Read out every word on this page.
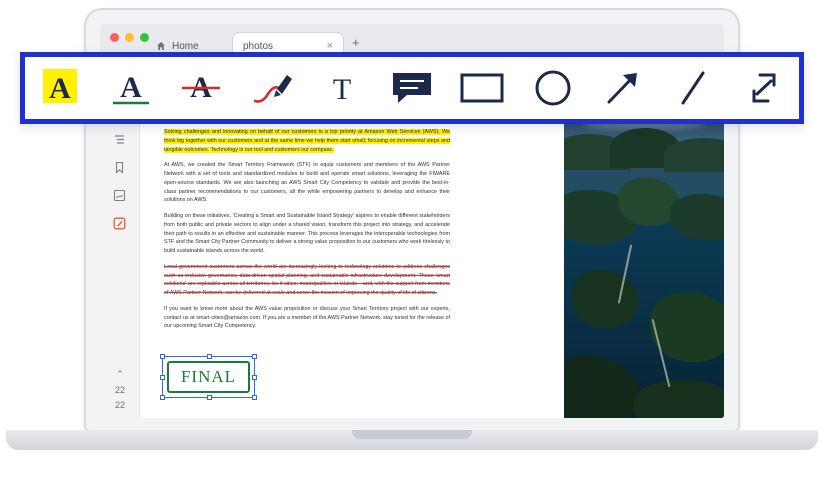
Home	photos	× +
⌃
22
22
Solving challenges and innovating on behalf of our customers is a top priority at Amazon Web Services (AWS). We think big together with our customers and at the same time we help them start small, focusing on incremental steps and tangible outcomes. Technology is our tool and customers our compass.
At AWS, we created the Smart Territory Framework (STF) to equip customers and members of the AWS Partner Network with a set of tools and standardized modules to build and operate smart solutions, leveraging the FIWARE open-source standards. We are also launching an AWS Smart City Competency to validate and provide the best-in-class partner recommendations to our customers, all the while empowering partners to develop and enhance their solutions on AWS.
Building on these initiatives, 'Creating a Smart and Sustainable Island Strategy' aspires to enable different stakeholders from both public and private sectors to align under a shared vision, transform this project into strategy, and accelerate their path to results in an effective and sustainable manner. This process leverages the interoperable technologies from STF and the Smart City Partner Community to deliver a strong value proposition to our customers who work tirelessly to build sustainable islands across the world.
Local government customers across the world are increasingly looking to technology solutions to address challenges such as inclusive governance, data-driven spatial planning, and sustainable infrastructure development. These 'smart solutions' are replicable across all territories, be it cities, municipalities or islands – and, with the support from members of AWS Partner Network, can be delivered at scale and serve the mission of improving the quality of life of citizens.
If you want to know more about the AWS value proposition or discuss your Smart Territory project with our experts, contact us at smart-cities@amazon.com. If you are a member of the AWS Partner Network, stay tuned for the release of our upcoming Smart City Competency.
FINAL
A A A	T
